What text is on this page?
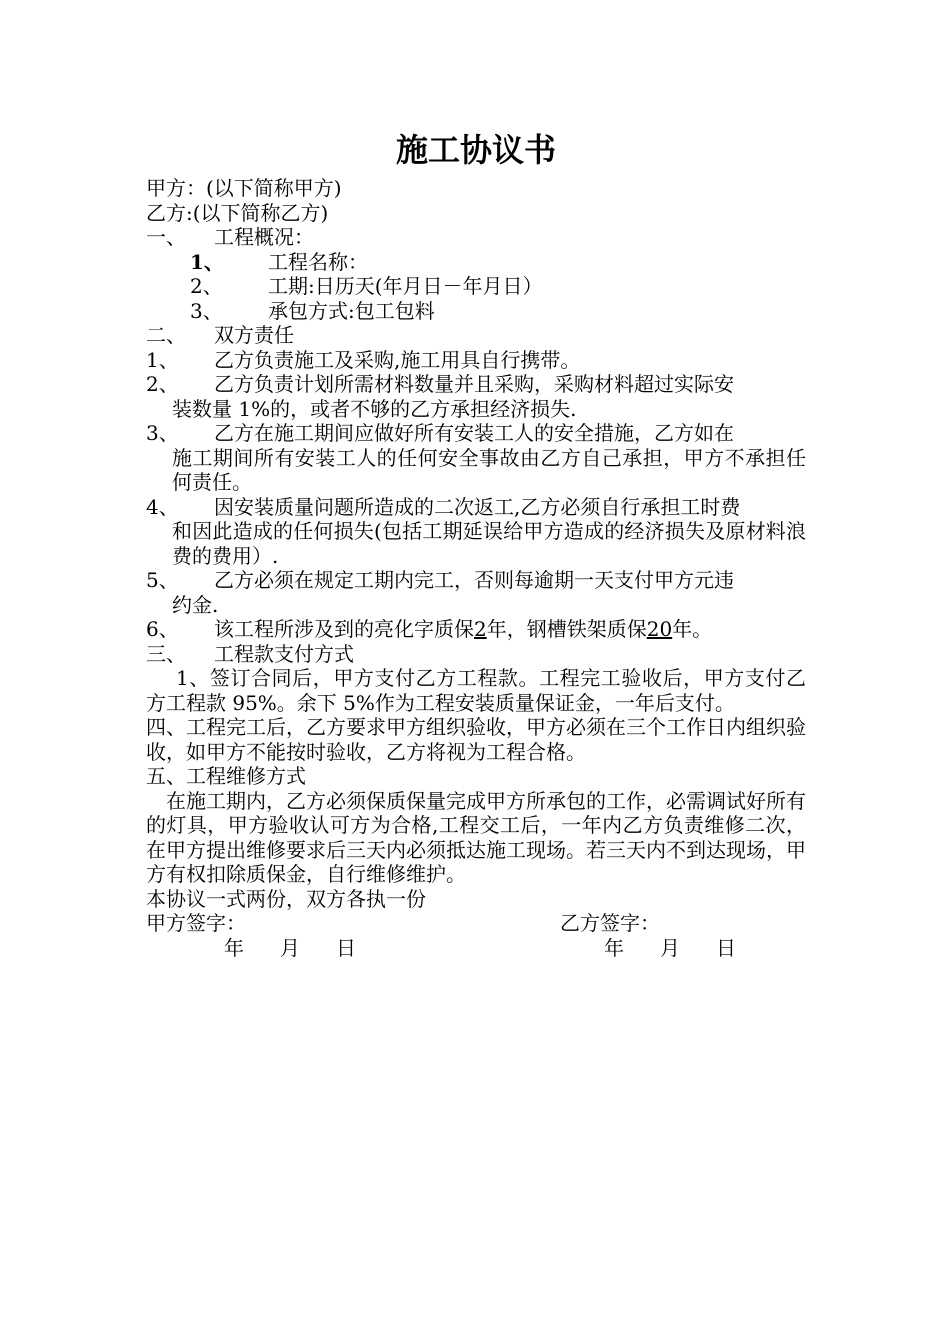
施工协议书
甲方：(以下简称甲方)
乙方:(以下简称乙方)
一、 工程概况：
1、 工程名称：
2、 工期:日历天(年月日－年月日）
3、 承包方式:包工包料
二、 双方责任
1、 乙方负责施工及采购,施工用具自行携带。
2、 乙方负责计划所需材料数量并且采购，采购材料超过实际安
装数量 1%的，或者不够的乙方承担经济损失.
3、 乙方在施工期间应做好所有安装工人的安全措施，乙方如在
施工期间所有安装工人的任何安全事故由乙方自己承担，甲方不承担任何责任。
4、 因安装质量问题所造成的二次返工,乙方必须自行承担工时费
和因此造成的任何损失(包括工期延误给甲方造成的经济损失及原材料浪费的费用）.
5、 乙方必须在规定工期内完工，否则每逾期一天支付甲方元违
约金.
6、 该工程所涉及到的亮化字质保2年，钢槽铁架质保20年。
三、 工程款支付方式
1、签订合同后，甲方支付乙方工程款。工程完工验收后，甲方支付乙方工程款 95%。余下 5%作为工程安装质量保证金，一年后支付。
四、工程完工后，乙方要求甲方组织验收，甲方必须在三个工作日内组织验收，如甲方不能按时验收，乙方将视为工程合格。
五、工程维修方式
在施工期内，乙方必须保质保量完成甲方所承包的工作，必需调试好所有的灯具，甲方验收认可方为合格,工程交工后，一年内乙方负责维修二次，在甲方提出维修要求后三天内必须抵达施工现场。若三天内不到达现场，甲方有权扣除质保金，自行维修维护。
本协议一式两份，双方各执一份
甲方签字：	乙方签字：
年 月 日	年 月 日
